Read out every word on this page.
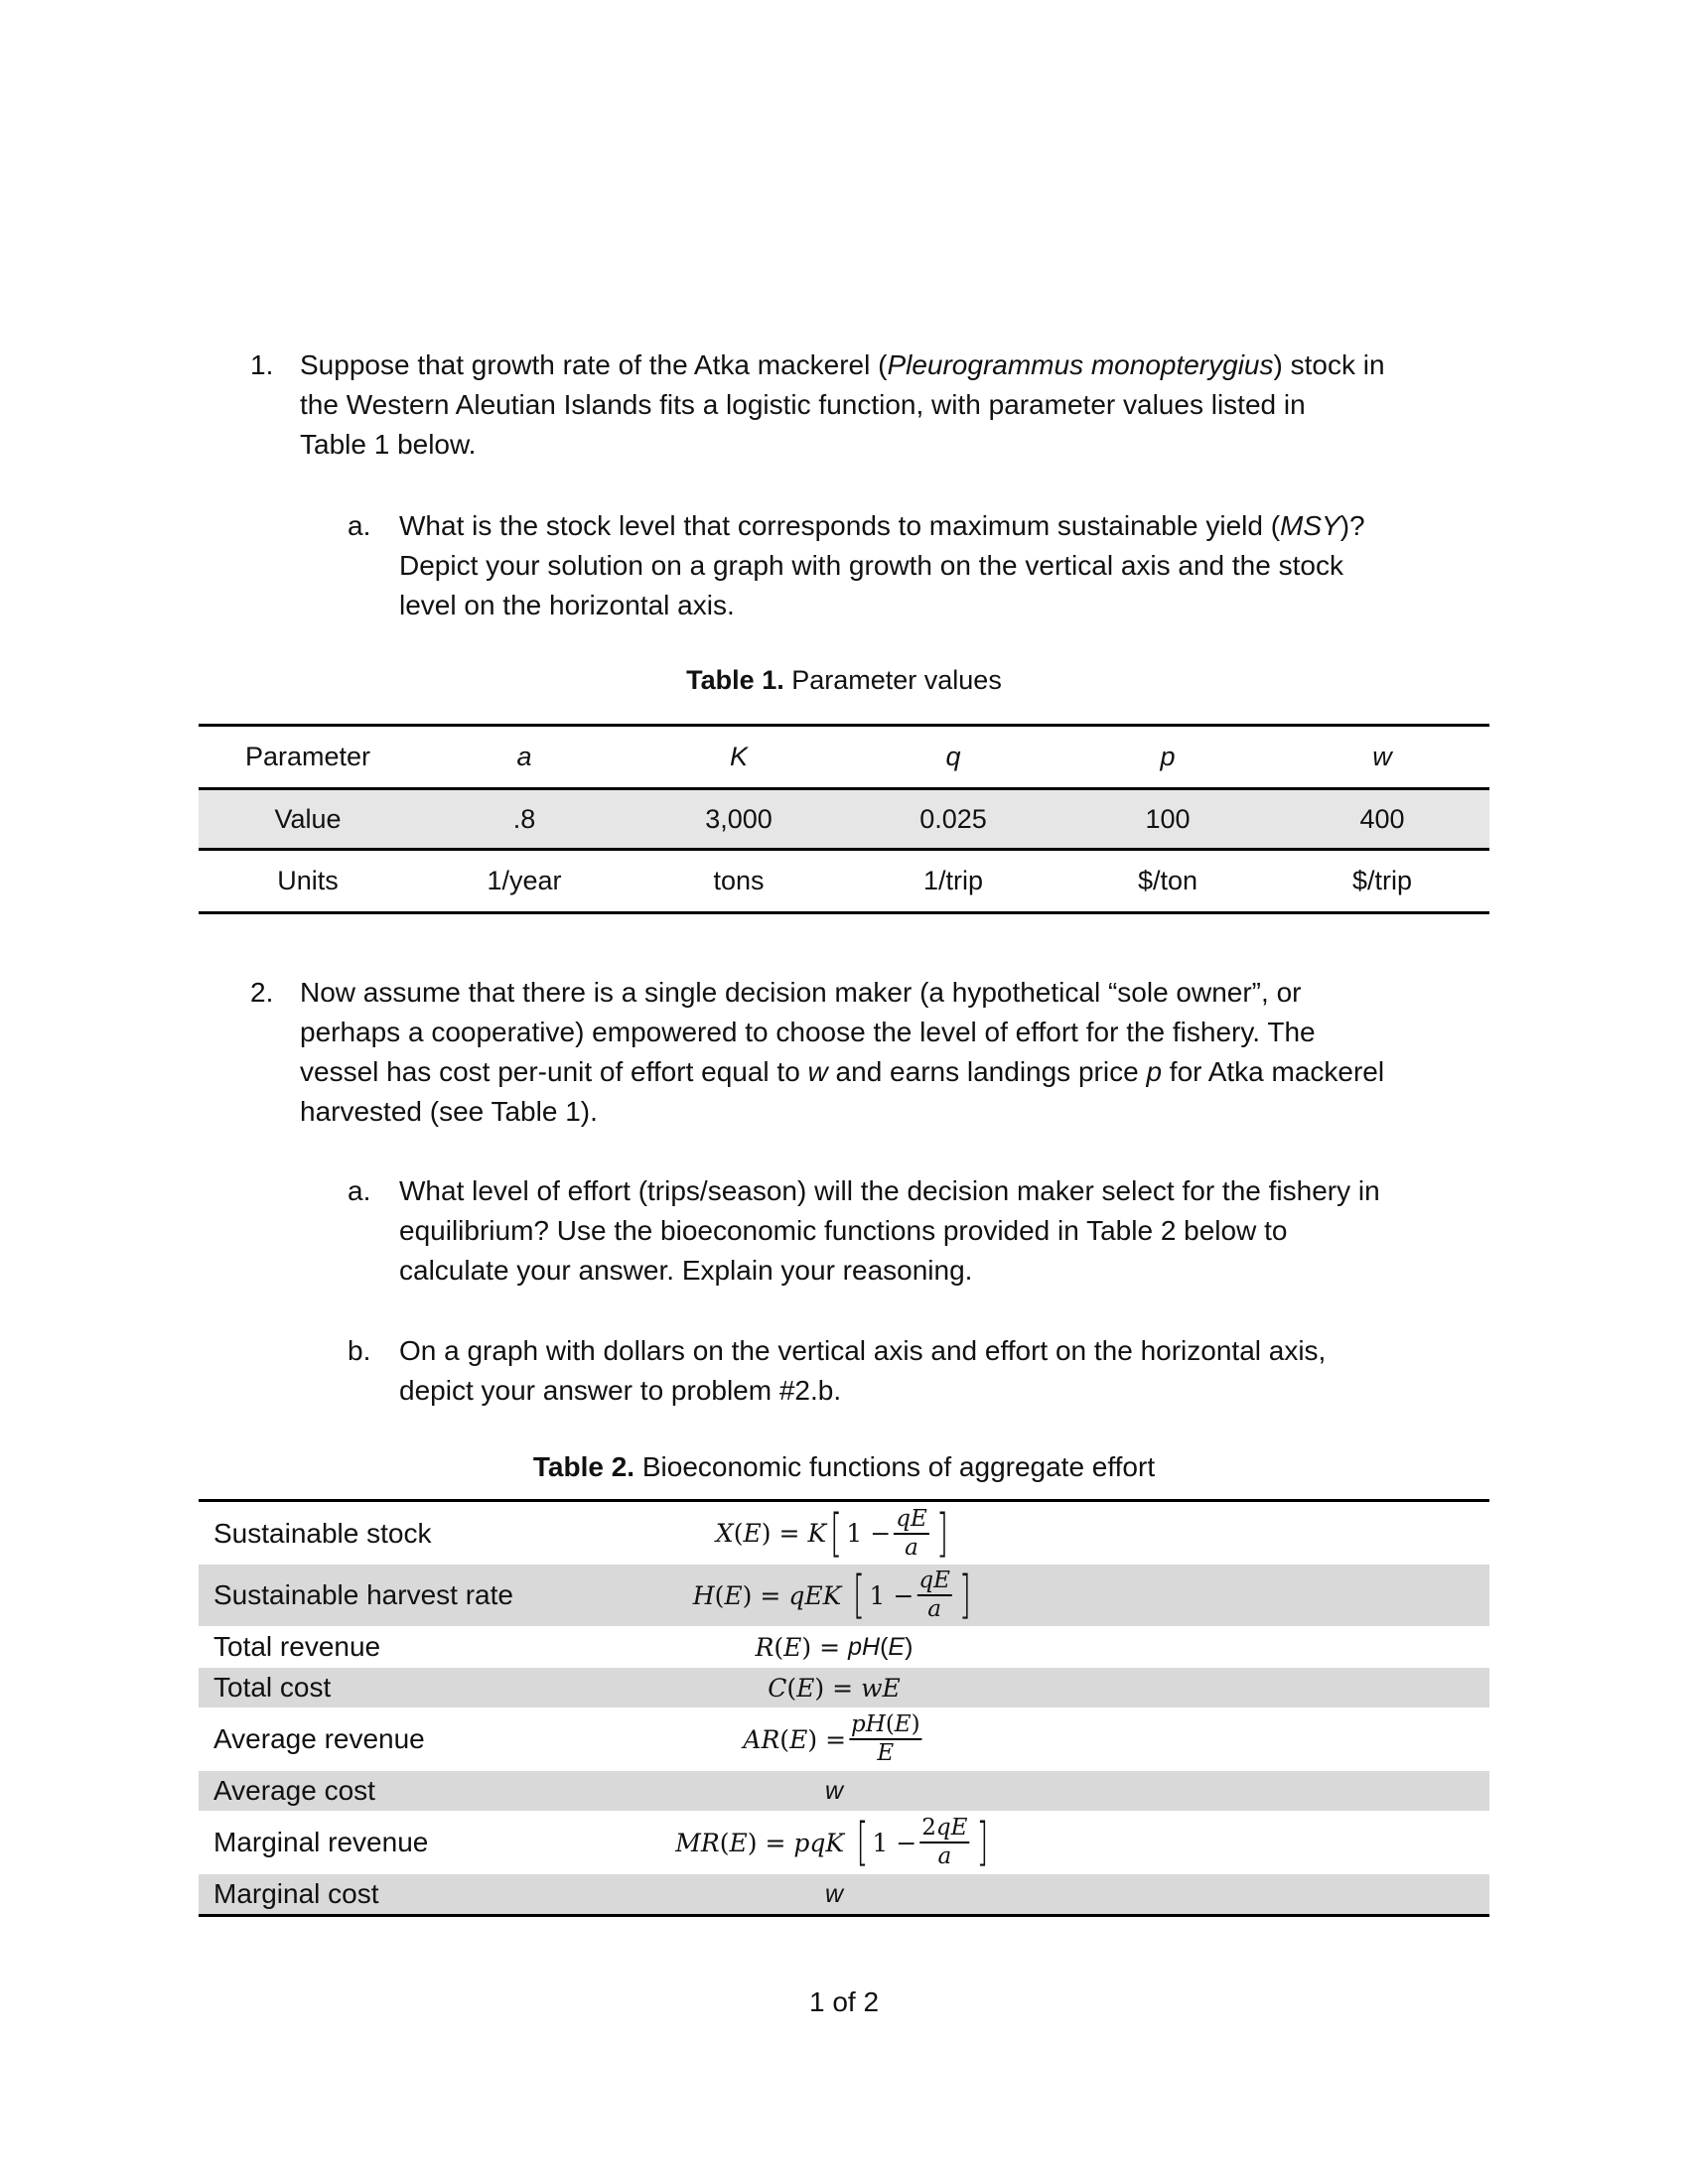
1. Suppose that growth rate of the Atka mackerel (Pleurogrammus monopterygius) stock in

the Western Aleutian Islands fits a logistic function, with parameter values listed in

Table 1 below.

a. What is the stock level that corresponds to maximum sustainable yield (MSY)?

Depict your solution on a graph with growth on the vertical axis and the stock

level on the horizontal axis.

Table 1. Parameter values
Parameter	a	K	q	p	w
Value	.8	3,000	0.025	100	400
Units	1/year	tons	1/trip	$/ton	$/trip
2. Now assume that there is a single decision maker (a hypothetical “sole owner”, or

perhaps a cooperative) empowered to choose the level of effort for the fishery. The

vessel has cost per-unit of effort equal to w and earns landings price p for Atka mackerel

harvested (see Table 1).

a. What level of effort (trips/season) will the decision maker select for the fishery in

equilibrium? Use the bioeconomic functions provided in Table 2 below to

calculate your answer. Explain your reasoning.

b. On a graph with dollars on the vertical axis and effort on the horizontal axis,

depict your answer to problem #2.b.

Table 2. Bioeconomic functions of aggregate effort
Sustainable stock	X ( E ) = K [ $1 - \frac{qE}{a}$ ]
Sustainable harvest rate	H ( E ) = qEK [ $1 - \frac{qE}{a}$ ]
Total revenue	R ( E ) = pH ( E )
Total cost	C ( E ) = wE
Average revenue	AR ( E ) = $\frac{pH(E)}{E}$
Average cost	w
Marginal revenue	MR ( E ) = pqK [ $1 - \frac{2qE}{a}$ ]
Marginal cost	w
1 of 2
